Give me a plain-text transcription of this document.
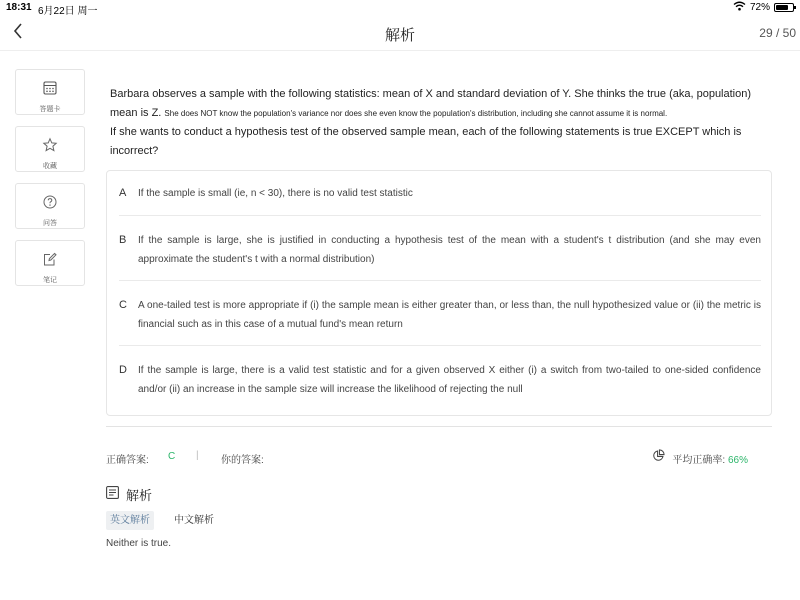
18:31 6月22日 周一	72%
解析	29 / 50
答题卡
收藏
问答
笔记
Barbara observes a sample with the following statistics: mean of X and standard deviation of Y. She thinks the true (aka, population) mean is Z. She does NOT know the population's variance nor does she even know the population's distribution, including she cannot assume it is normal.
If she wants to conduct a hypothesis test of the observed sample mean, each of the following statements is true EXCEPT which is incorrect?
A If the sample is small (ie, n < 30), there is no valid test statistic
B If the sample is large, she is justified in conducting a hypothesis test of the mean with a student's t distribution (and she may even approximate the student's t with a normal distribution)
C A one-tailed test is more appropriate if (i) the sample mean is either greater than, or less than, the null hypothesized value or (ii) the metric is financial such as in this case of a mutual fund's mean return
D If the sample is large, there is a valid test statistic and for a given observed X either (i) a switch from two-tailed to one-sided confidence and/or (ii) an increase in the sample size will increase the likelihood of rejecting the null
正确答案: C | 你的答案:	平均正确率: 66%
解析
英文解析	中文解析
Neither is true.
